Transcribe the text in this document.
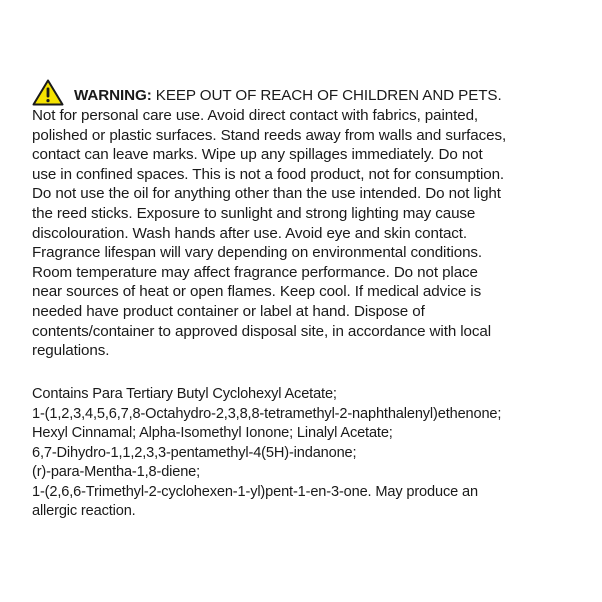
WARNING: KEEP OUT OF REACH OF CHILDREN AND PETS.

Not for personal care use. Avoid direct contact with fabrics, painted,
polished or plastic surfaces. Stand reeds away from walls and surfaces,
contact can leave marks. Wipe up any spillages immediately. Do not
use in confined spaces. This is not a food product, not for consumption.
Do not use the oil for anything other than the use intended. Do not light
the reed sticks. Exposure to sunlight and strong lighting may cause
discolouration. Wash hands after use. Avoid eye and skin contact.
Fragrance lifespan will vary depending on environmental conditions.
Room temperature may affect fragrance performance. Do not place
near sources of heat or open flames. Keep cool. If medical advice is
needed have product container or label at hand. Dispose of
contents/container to approved disposal site, in accordance with local
regulations.

Contains Para Tertiary Butyl Cyclohexyl Acetate;
1-(1,2,3,4,5,6,7,8-Octahydro-2,3,8,8-tetramethyl-2-naphthalenyl)ethenone;
Hexyl Cinnamal; Alpha-Isomethyl Ionone; Linalyl Acetate;
6,7-Dihydro-1,1,2,3,3-pentamethyl-4(5H)-indanone;
(r)-para-Mentha-1,8-diene;
1-(2,6,6-Trimethyl-2-cyclohexen-1-yl)pent-1-en-3-one. May produce an
allergic reaction.
